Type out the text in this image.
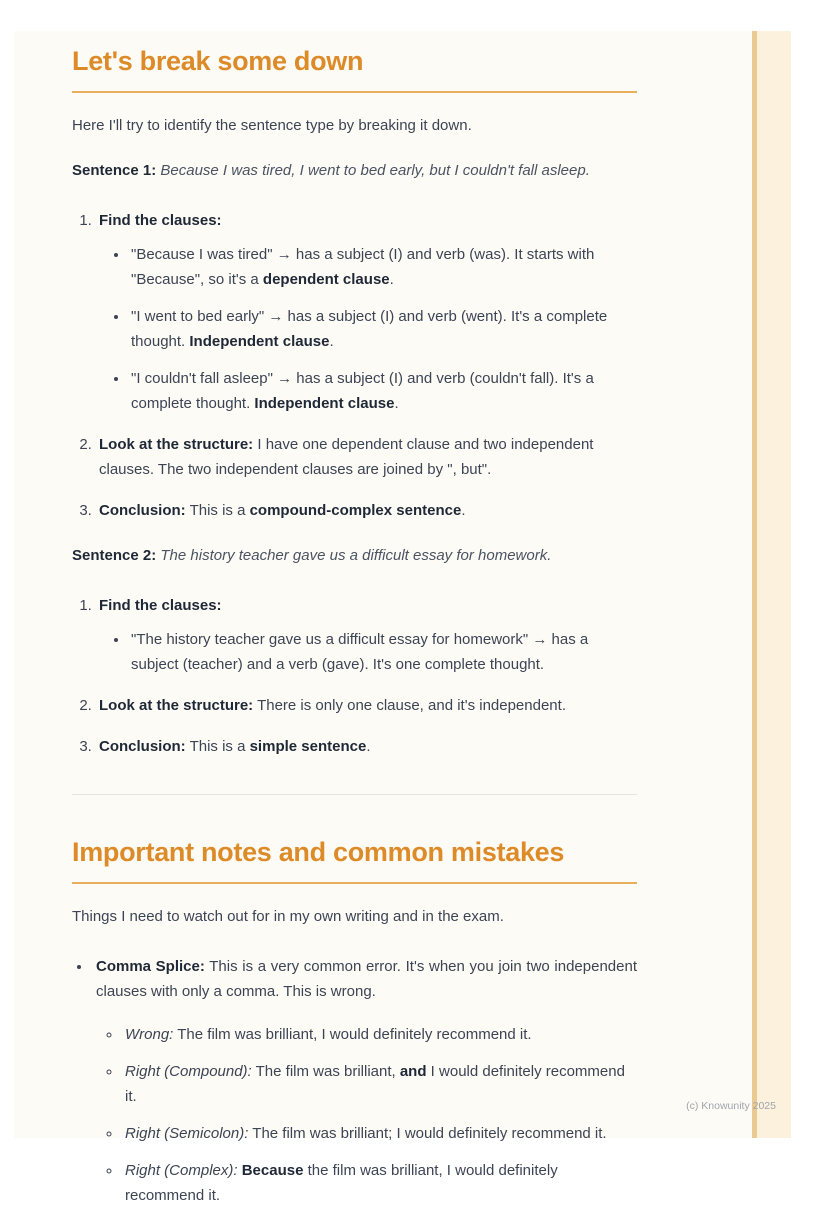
Let's break some down

Here I'll try to identify the sentence type by breaking it down.

Sentence 1: Because I was tired, I went to bed early, but I couldn't fall asleep.

1. Find the clauses:
• "Because I was tired" → has a subject (I) and verb (was). It starts with "Because", so it's a dependent clause.
• "I went to bed early" → has a subject (I) and verb (went). It's a complete thought. Independent clause.
• "I couldn't fall asleep" → has a subject (I) and verb (couldn't fall). It's a complete thought. Independent clause.
2. Look at the structure: I have one dependent clause and two independent clauses. The two independent clauses are joined by ", but".
3. Conclusion: This is a compound-complex sentence.

Sentence 2: The history teacher gave us a difficult essay for homework.

1. Find the clauses:
• "The history teacher gave us a difficult essay for homework" → has a subject (teacher) and a verb (gave). It's one complete thought.
2. Look at the structure: There is only one clause, and it's independent.
3. Conclusion: This is a simple sentence.
Important notes and common mistakes

Things I need to watch out for in my own writing and in the exam.

• Comma Splice: This is a very common error. It's when you join two independent clauses with only a comma. This is wrong.
◦ Wrong: The film was brilliant, I would definitely recommend it.
◦ Right (Compound): The film was brilliant, and I would definitely recommend it.
◦ Right (Semicolon): The film was brilliant; I would definitely recommend it.
◦ Right (Complex): Because the film was brilliant, I would definitely recommend it.
(c) Knowunity 2025
